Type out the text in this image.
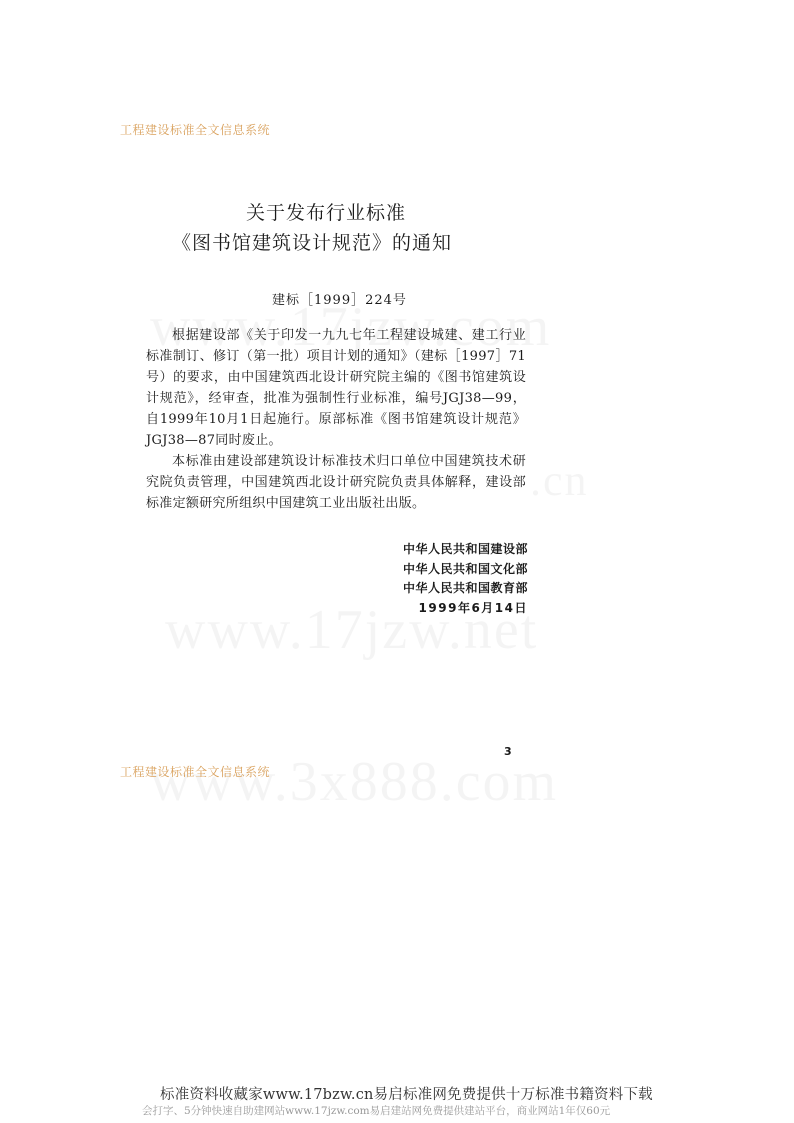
工程建设标准全文信息系统
关于发布行业标准
《图书馆建筑设计规范》的通知
建标［1999］224号

根据建设部《关于印发一九九七年工程建设城建、建工行业标准制订、修订（第一批）项目计划的通知》（建标［1997］71号）的要求，由中国建筑西北设计研究院主编的《图书馆建筑设计规范》，经审查，批准为强制性行业标准，编号JGJ38—99，自1999年10月1日起施行。原部标准《图书馆建筑设计规范》JGJ38—87同时废止。

本标准由建设部建筑设计标准技术归口单位中国建筑技术研究院负责管理，中国建筑西北设计研究院负责具体解释，建设部标准定额研究所组织中国建筑工业出版社出版。

中华人民共和国建设部
中华人民共和国文化部
中华人民共和国教育部
1999年6月14日
3
工程建设标准全文信息系统
标准资料收藏家www.17bzw.cn易启标准网免费提供十万标准书籍资料下载
会打字、5分钟快速自助建网站www.17jzw.com易启建站网免费提供建站平台，商业网站1年仅60元
